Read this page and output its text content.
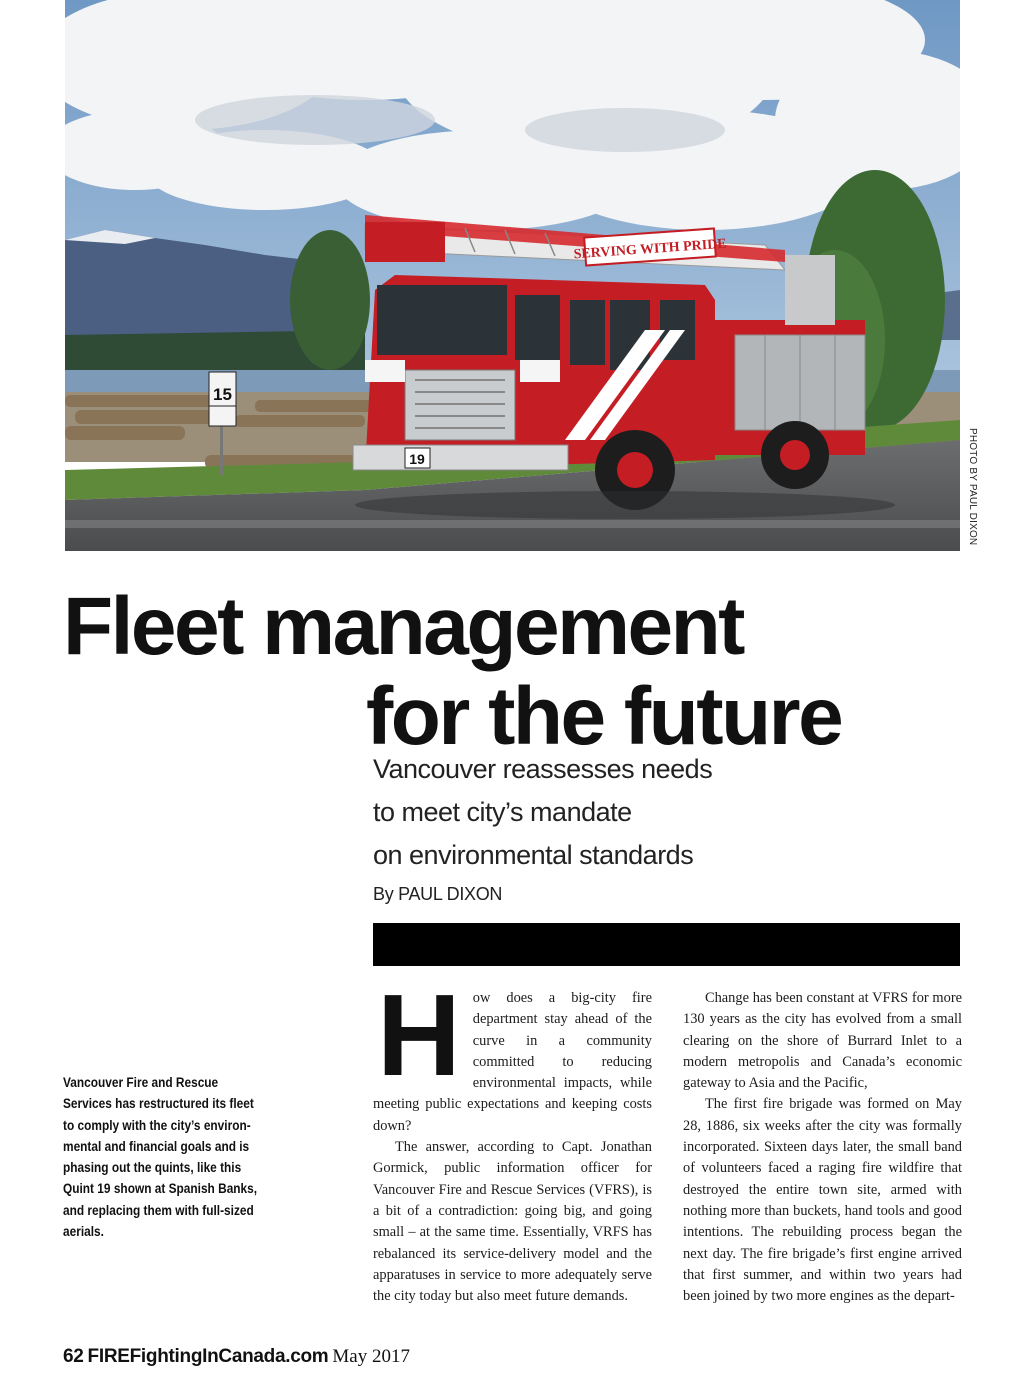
15
SERVING WITH PRIDE
19	PHOTO BY PAUL DIXON
Fleet management
for the future
Vancouver reassesses needs
to meet city’s mandate
on environmental standards
By PAUL DIXON
Vancouver Fire and Rescue
Services has restructured its fleet
to comply with the city’s environ-
mental and financial goals and is
phasing out the quints, like this
Quint 19 shown at Spanish Banks,
and replacing them with full-sized
aerials.
H ow does a big-city fire department stay ahead of the curve in a community committed to reducing environmental impacts, while meeting public expectations and keeping costs down?

The answer, according to Capt. Jonathan Gormick, public information officer for Vancouver Fire and Rescue Services (VFRS), is a bit of a contradiction: going big, and going small – at the same time. Essentially, VRFS has rebalanced its service-delivery model and the apparatuses in service to more adequately serve the city today but also meet future demands.

Change has been constant at VFRS for more 130 years as the city has evolved from a small clearing on the shore of Burrard Inlet to a modern metropolis and Canada’s economic gateway to Asia and the Pacific,

The first fire brigade was formed on May 28, 1886, six weeks after the city was formally incorporated. Sixteen days later, the small band of volunteers faced a raging fire wildfire that destroyed the entire town site, armed with nothing more than buckets, hand tools and good intentions. The rebuilding process began the next day. The fire brigade’s first engine arrived that first summer, and within two years had been joined by two more engines as the depart-

62 FIREFightingInCanada.com May 2017
